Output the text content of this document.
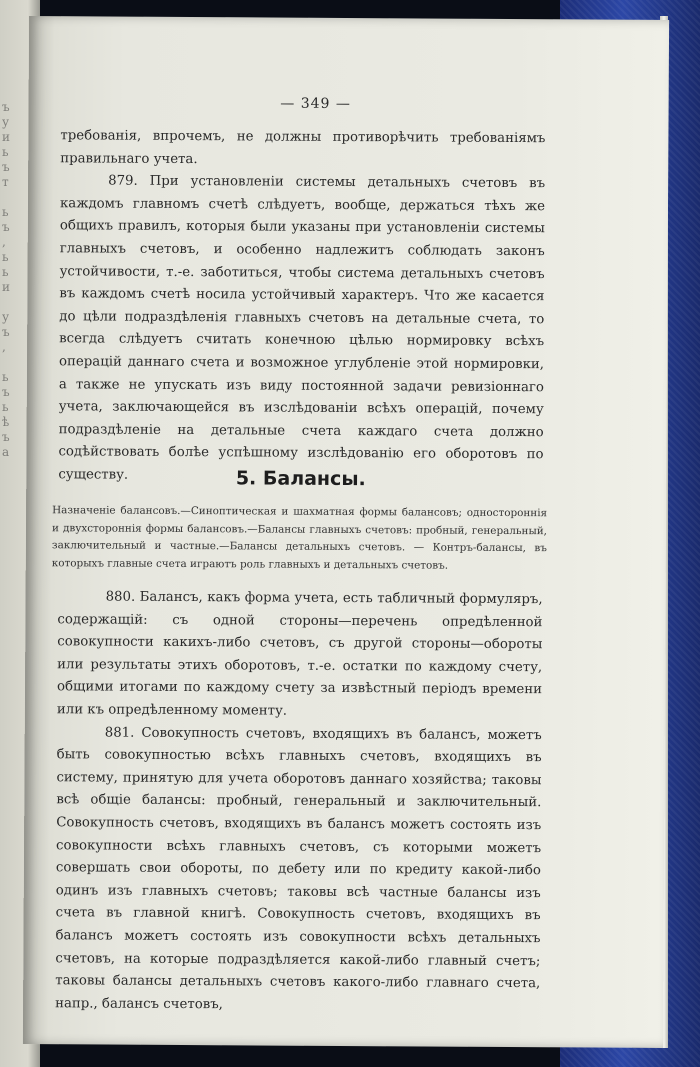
ъ
у
и
ь
ъ
т

ь
ъ
,
ь
ь
и

у
ъ
,

ь
ъ
ь
ѣ
ъ
а
— 349 —

требованія, впрочемъ, не должны противорѣчить требованіямъ правильнаго учета.

879. При установленіи системы детальныхъ счетовъ въ каждомъ главномъ счетѣ слѣдуетъ, вообще, держаться тѣхъ же общихъ правилъ, которыя были указаны при установленіи системы главныхъ счетовъ, и особенно надлежитъ соблюдать законъ устойчивости, т.-е. заботиться, чтобы система детальныхъ счетовъ въ каждомъ счетѣ носила устойчивый характеръ. Что же касается до цѣли подраздѣленія главныхъ счетовъ на детальные счета, то всегда слѣдуетъ считать конечною цѣлью нормировку всѣхъ операцій даннаго счета и возможное углубленіе этой нормировки, а также не упускать изъ виду постоянной задачи ревизіоннаго учета, заключающейся въ изслѣдованіи всѣхъ операцій, почему подраздѣленіе на детальные счета каждаго счета должно содѣйствовать болѣе успѣшному изслѣдованію его оборотовъ по существу.	5. Балансы.
Назначеніе балансовъ.—Синоптическая и шахматная формы балансовъ; одностороннія и двухстороннія формы балансовъ.—Балансы главныхъ счетовъ: пробный, генеральный, заключительный и частные.—Балансы детальныхъ счетовъ. — Контръ-балансы, въ которыхъ главные счета играютъ роль главныхъ и детальныхъ счетовъ.

880. Балансъ, какъ форма учета, есть табличный формуляръ, содержащій: съ одной стороны—перечень опредѣленной совокупности какихъ-либо счетовъ, съ другой стороны—обороты или результаты этихъ оборотовъ, т.-е. остатки по каждому счету, общими итогами по каждому счету за извѣстный періодъ времени или къ опредѣленному моменту.

881. Совокупность счетовъ, входящихъ въ балансъ, можетъ быть совокупностью всѣхъ главныхъ счетовъ, входящихъ въ систему, принятую для учета оборотовъ даннаго хозяйства; таковы всѣ общіе балансы: пробный, генеральный и заключительный. Совокупность счетовъ, входящихъ въ балансъ можетъ состоять изъ совокупности всѣхъ главныхъ счетовъ, съ которыми можетъ совершать свои обороты, по дебету или по кредиту какой-либо одинъ изъ главныхъ счетовъ; таковы всѣ частные балансы изъ счета въ главной книгѣ. Совокупность счетовъ, входящихъ въ балансъ можетъ состоять изъ совокупности всѣхъ детальныхъ счетовъ, на которые подраздѣляется какой-либо главный счетъ; таковы балансы детальныхъ счетовъ какого-либо главнаго счета, напр., балансъ счетовъ,
